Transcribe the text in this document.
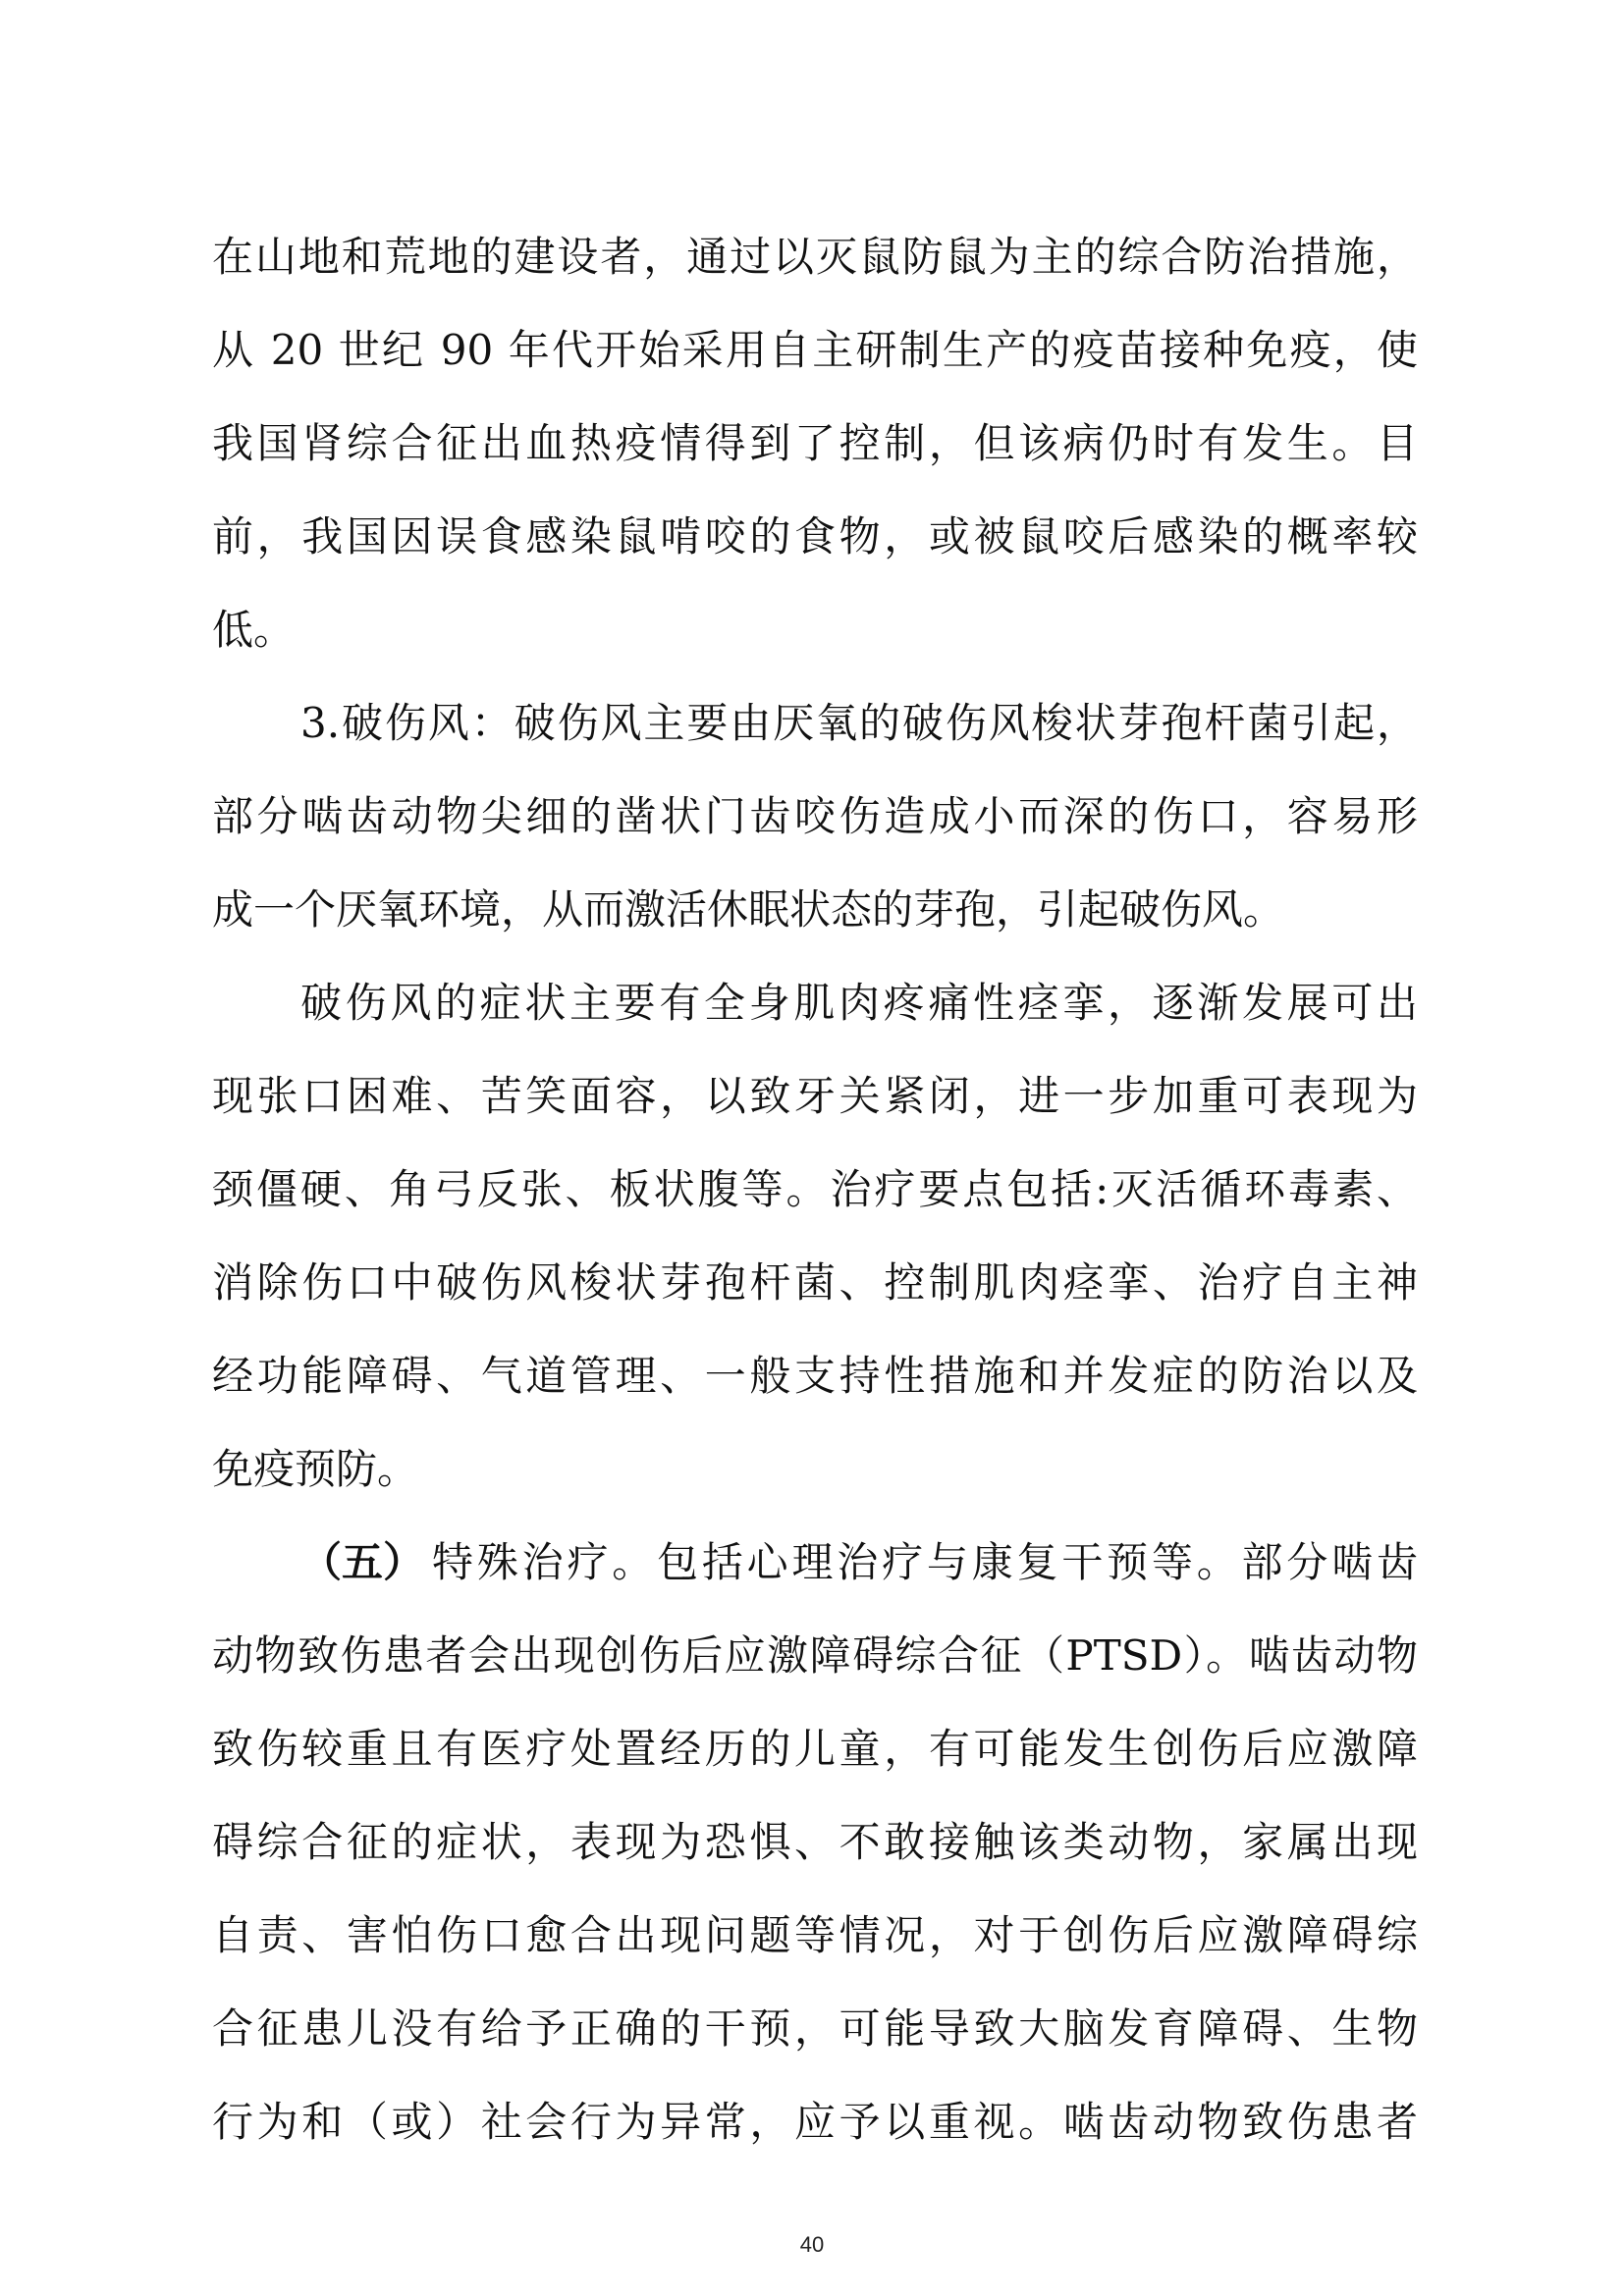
在山地和荒地的建设者，通过以灭鼠防鼠为主的综合防治措施，
从 20 世纪 90 年代开始采用自主研制生产的疫苗接种免疫，使
我国肾综合征出血热疫情得到了控制，但该病仍时有发生。目
前，我国因误食感染鼠啃咬的食物，或被鼠咬后感染的概率较
低。
3.破伤风：破伤风主要由厌氧的破伤风梭状芽孢杆菌引起，
部分啮齿动物尖细的凿状门齿咬伤造成小而深的伤口，容易形
成一个厌氧环境，从而激活休眠状态的芽孢，引起破伤风。
破伤风的症状主要有全身肌肉疼痛性痉挛，逐渐发展可出
现张口困难、苦笑面容，以致牙关紧闭，进一步加重可表现为
颈僵硬、角弓反张、板状腹等。治疗要点包括:灭活循环毒素、
消除伤口中破伤风梭状芽孢杆菌、控制肌肉痉挛、治疗自主神
经功能障碍、气道管理、一般支持性措施和并发症的防治以及
免疫预防。
（五） 特殊治疗。包括心理治疗与康复干预等。部分啮齿
动物致伤患者会出现创伤后应激障碍综合征（PTSD）。啮齿动物
致伤较重且有医疗处置经历的儿童，有可能发生创伤后应激障
碍综合征的症状，表现为恐惧、不敢接触该类动物，家属出现
自责、害怕伤口愈合出现问题等情况，对于创伤后应激障碍综
合征患儿没有给予正确的干预，可能导致大脑发育障碍、生物
行为和（或）社会行为异常，应予以重视。啮齿动物致伤患者
40
